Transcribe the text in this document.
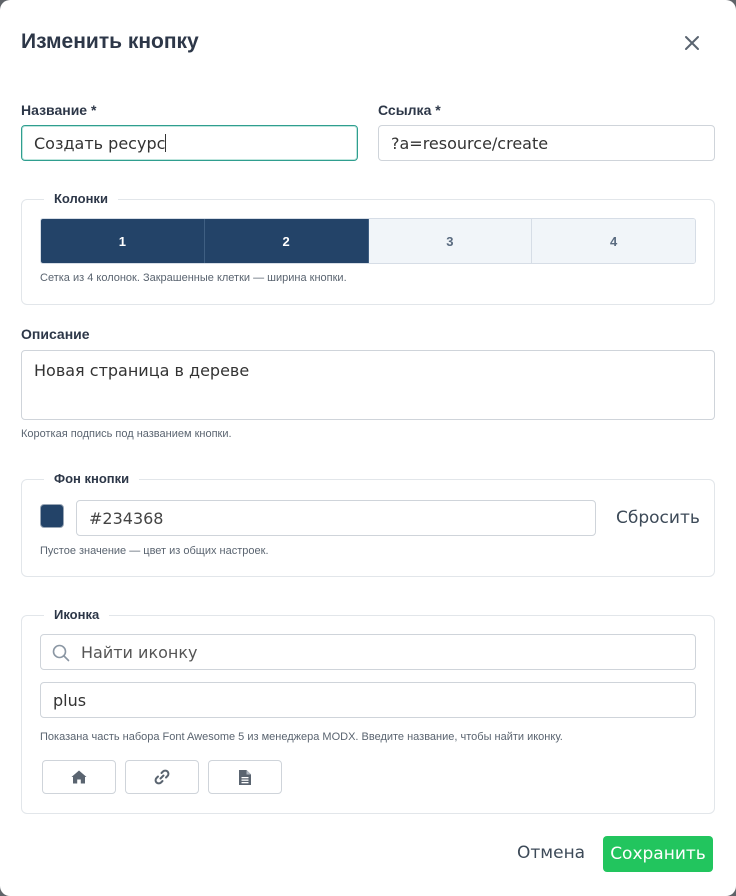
Изменить кнопку
Название *
Создать ресурс
Ссылка *
?a=resource/create
Колонки
1	2	3	4
Сетка из 4 колонок. Закрашенные клетки — ширина кнопки.
Описание
Новая страница в дереве
Короткая подпись под названием кнопки.
Фон кнопки
#234368	Сбросить
Пустое значение — цвет из общих настроек.
Иконка
Найти иконку
plus
Показана часть набора Font Awesome 5 из менеджера MODX. Введите название, чтобы найти иконку.
Отмена	Сохранить
